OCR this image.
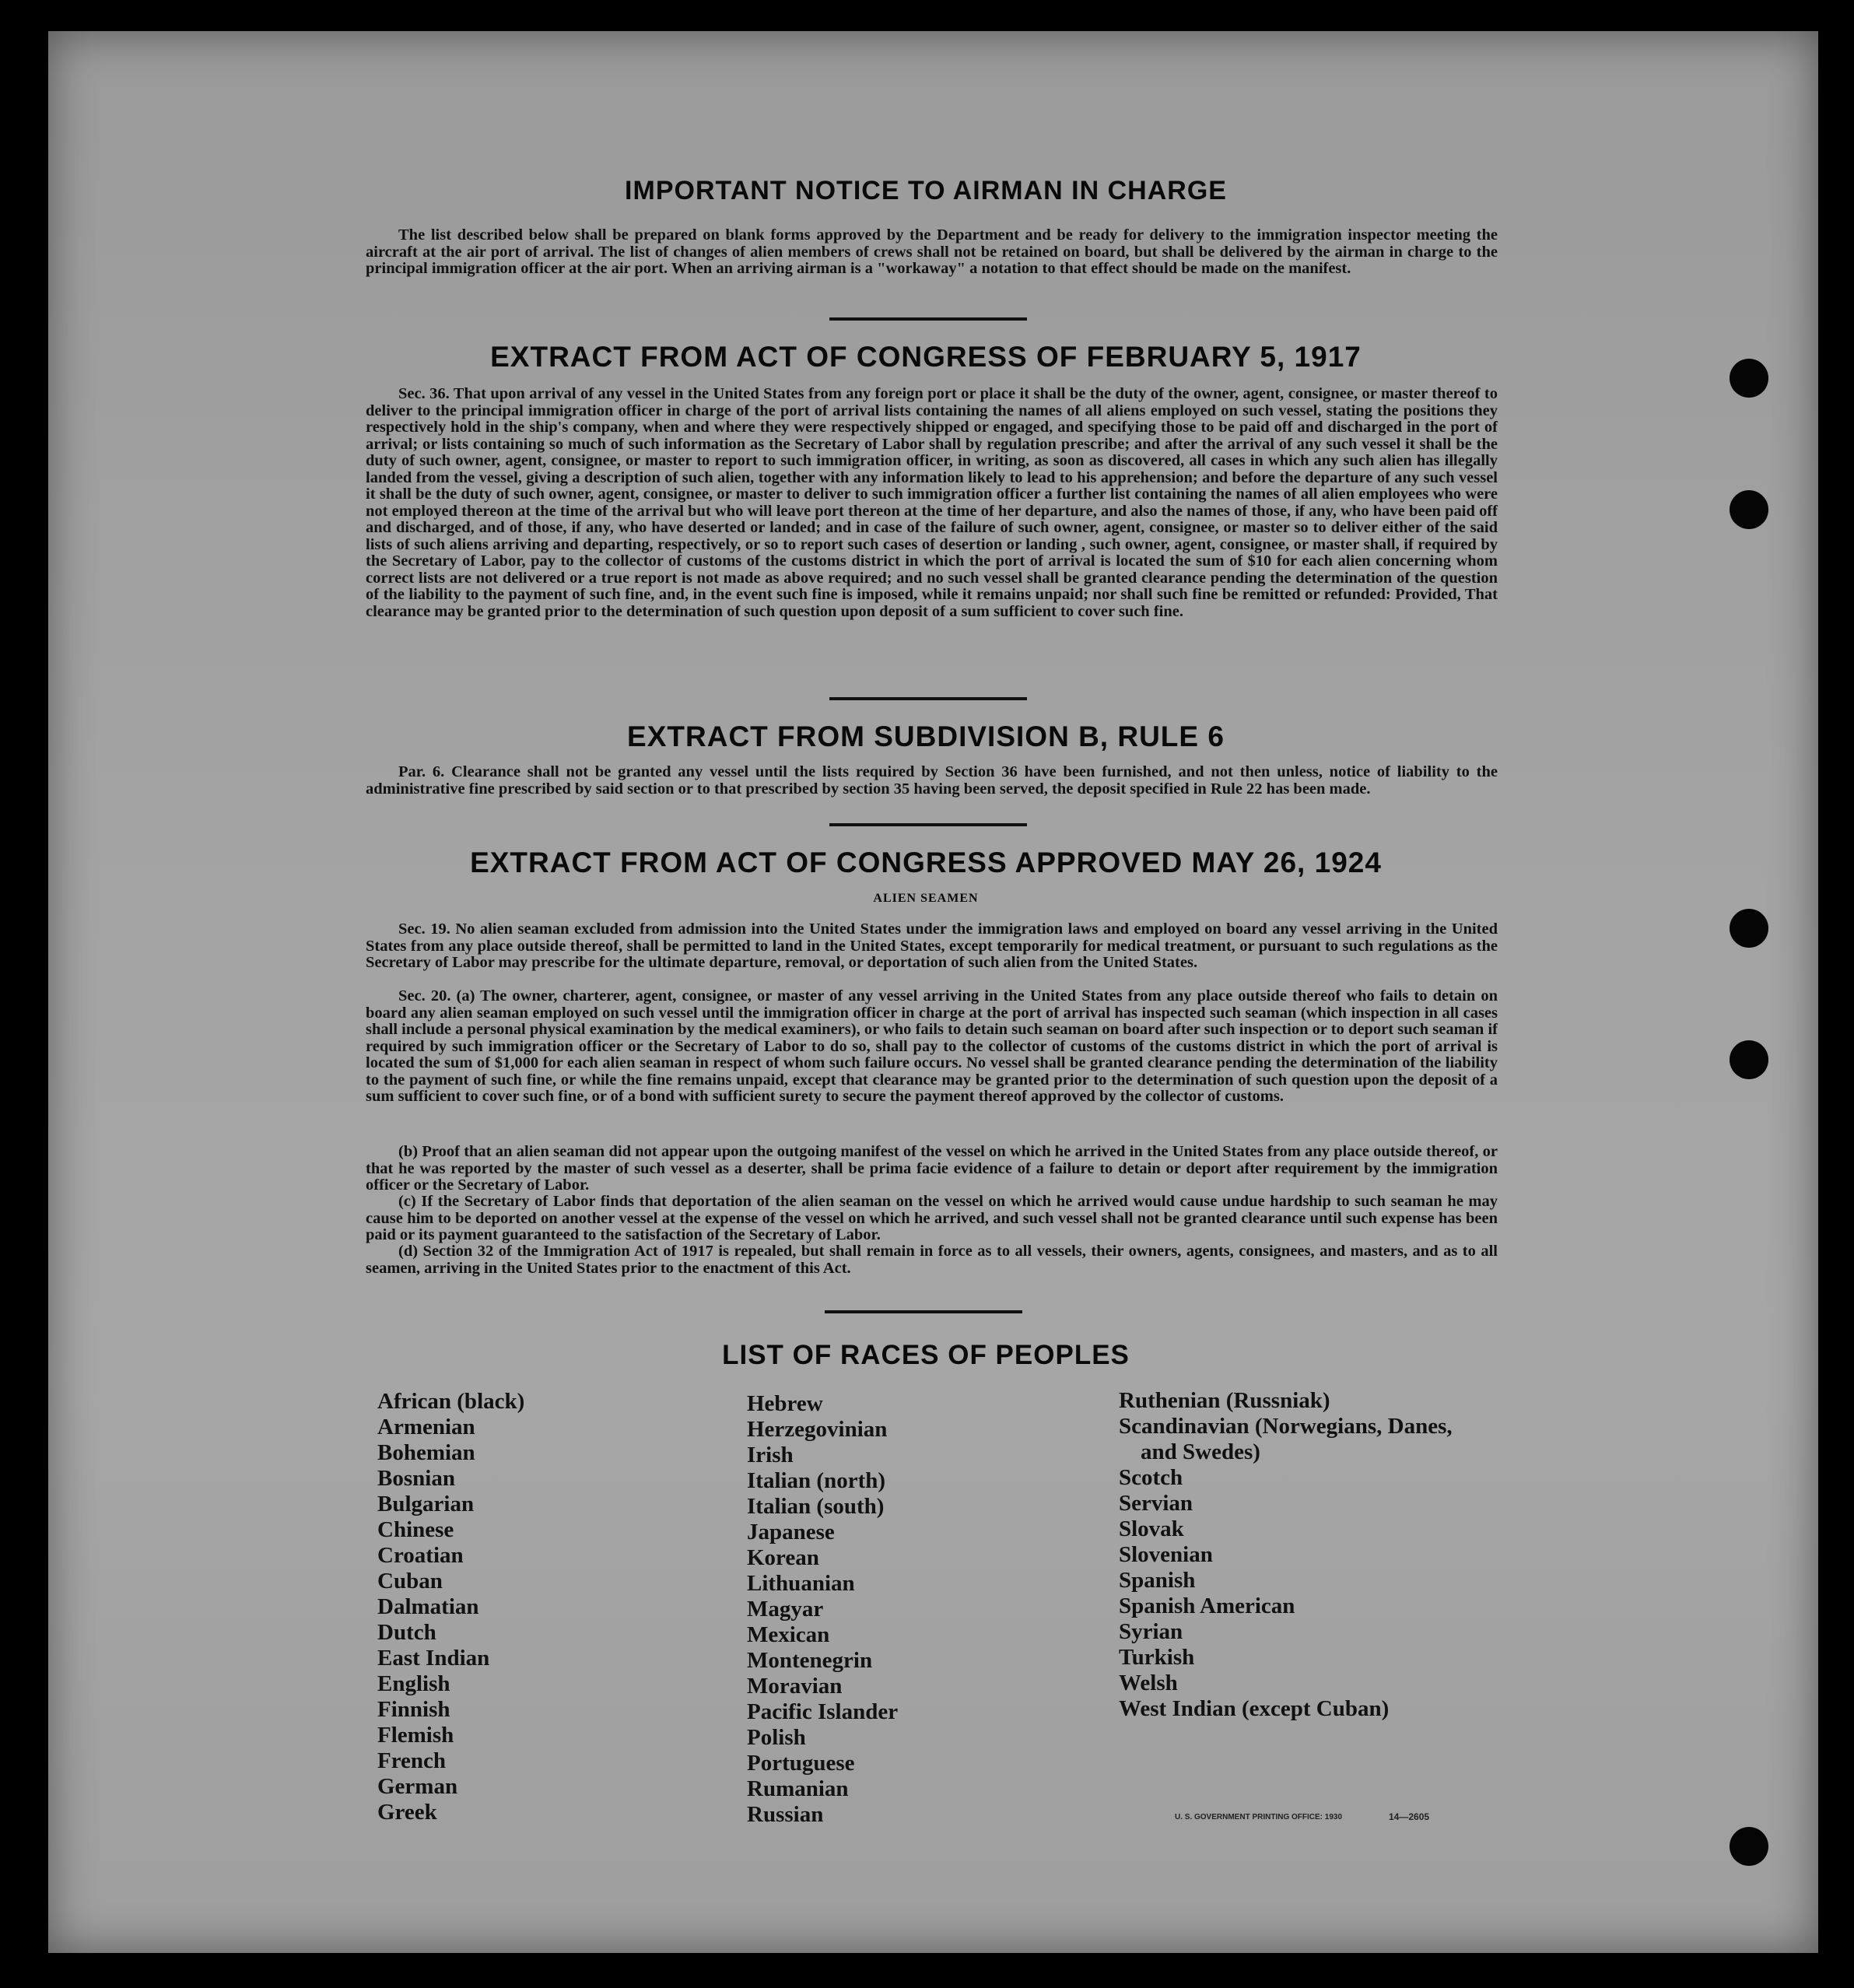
IMPORTANT NOTICE TO AIRMAN IN CHARGE
The list described below shall be prepared on blank forms approved by the Department and be ready for delivery to the immigration inspector meeting the aircraft at the air port of arrival. The list of changes of alien members of crews shall not be retained on board, but shall be delivered by the airman in charge to the principal immigration officer at the air port. When an arriving airman is a "workaway" a notation to that effect should be made on the manifest.
EXTRACT FROM ACT OF CONGRESS OF FEBRUARY 5, 1917
Sec. 36. That upon arrival of any vessel in the United States from any foreign port or place it shall be the duty of the owner, agent, consignee, or master thereof to deliver to the principal immigration officer in charge of the port of arrival lists containing the names of all aliens employed on such vessel, stating the positions they respectively hold in the ship's company, when and where they were respectively shipped or engaged, and specifying those to be paid off and discharged in the port of arrival; or lists containing so much of such information as the Secretary of Labor shall by regulation prescribe; and after the arrival of any such vessel it shall be the duty of such owner, agent, consignee, or master to report to such immigration officer, in writing, as soon as discovered, all cases in which any such alien has illegally landed from the vessel, giving a description of such alien, together with any information likely to lead to his apprehension; and before the departure of any such vessel it shall be the duty of such owner, agent, consignee, or master to deliver to such immigration officer a further list containing the names of all alien employees who were not employed thereon at the time of the arrival but who will leave port thereon at the time of her departure, and also the names of those, if any, who have been paid off and discharged, and of those, if any, who have deserted or landed; and in case of the failure of such owner, agent, consignee, or master so to deliver either of the said lists of such aliens arriving and departing, respectively, or so to report such cases of desertion or landing , such owner, agent, consignee, or master shall, if required by the Secretary of Labor, pay to the collector of customs of the customs district in which the port of arrival is located the sum of $10 for each alien concerning whom correct lists are not delivered or a true report is not made as above required; and no such vessel shall be granted clearance pending the determination of the question of the liability to the payment of such fine, and, in the event such fine is imposed, while it remains unpaid; nor shall such fine be remitted or refunded: Provided, That clearance may be granted prior to the determination of such question upon deposit of a sum sufficient to cover such fine.
EXTRACT FROM SUBDIVISION B, RULE 6
Par. 6. Clearance shall not be granted any vessel until the lists required by Section 36 have been furnished, and not then unless, notice of liability to the administrative fine prescribed by said section or to that prescribed by section 35 having been served, the deposit specified in Rule 22 has been made.
EXTRACT FROM ACT OF CONGRESS APPROVED MAY 26, 1924
ALIEN SEAMEN
Sec. 19. No alien seaman excluded from admission into the United States under the immigration laws and employed on board any vessel arriving in the United States from any place outside thereof, shall be permitted to land in the United States, except temporarily for medical treatment, or pursuant to such regulations as the Secretary of Labor may prescribe for the ultimate departure, removal, or deportation of such alien from the United States.
Sec. 20. (a) The owner, charterer, agent, consignee, or master of any vessel arriving in the United States from any place outside thereof who fails to detain on board any alien seaman employed on such vessel until the immigration officer in charge at the port of arrival has inspected such seaman (which inspection in all cases shall include a personal physical examination by the medical examiners), or who fails to detain such seaman on board after such inspection or to deport such seaman if required by such immigration officer or the Secretary of Labor to do so, shall pay to the collector of customs of the customs district in which the port of arrival is located the sum of $1,000 for each alien seaman in respect of whom such failure occurs. No vessel shall be granted clearance pending the determination of the liability to the payment of such fine, or while the fine remains unpaid, except that clearance may be granted prior to the determination of such question upon the deposit of a sum sufficient to cover such fine, or of a bond with sufficient surety to secure the payment thereof approved by the collector of customs.
(b) Proof that an alien seaman did not appear upon the outgoing manifest of the vessel on which he arrived in the United States from any place outside thereof, or that he was reported by the master of such vessel as a deserter, shall be prima facie evidence of a failure to detain or deport after requirement by the immigration officer or the Secretary of Labor.
(c) If the Secretary of Labor finds that deportation of the alien seaman on the vessel on which he arrived would cause undue hardship to such seaman he may cause him to be deported on another vessel at the expense of the vessel on which he arrived, and such vessel shall not be granted clearance until such expense has been paid or its payment guaranteed to the satisfaction of the Secretary of Labor.
(d) Section 32 of the Immigration Act of 1917 is repealed, but shall remain in force as to all vessels, their owners, agents, consignees, and masters, and as to all seamen, arriving in the United States prior to the enactment of this Act.
LIST OF RACES OF PEOPLES
African (black)
Armenian
Bohemian
Bosnian
Bulgarian
Chinese
Croatian
Cuban
Dalmatian
Dutch
East Indian
English
Finnish
Flemish
French
German
Greek
Hebrew
Herzegovinian
Irish
Italian (north)
Italian (south)
Japanese
Korean
Lithuanian
Magyar
Mexican
Montenegrin
Moravian
Pacific Islander
Polish
Portuguese
Rumanian
Russian
Ruthenian (Russniak)
Scandinavian (Norwegians, Danes,
and Swedes)
Scotch
Servian
Slovak
Slovenian
Spanish
Spanish American
Syrian
Turkish
Welsh
West Indian (except Cuban)
U. S. GOVERNMENT PRINTING OFFICE: 1930	14—2605
